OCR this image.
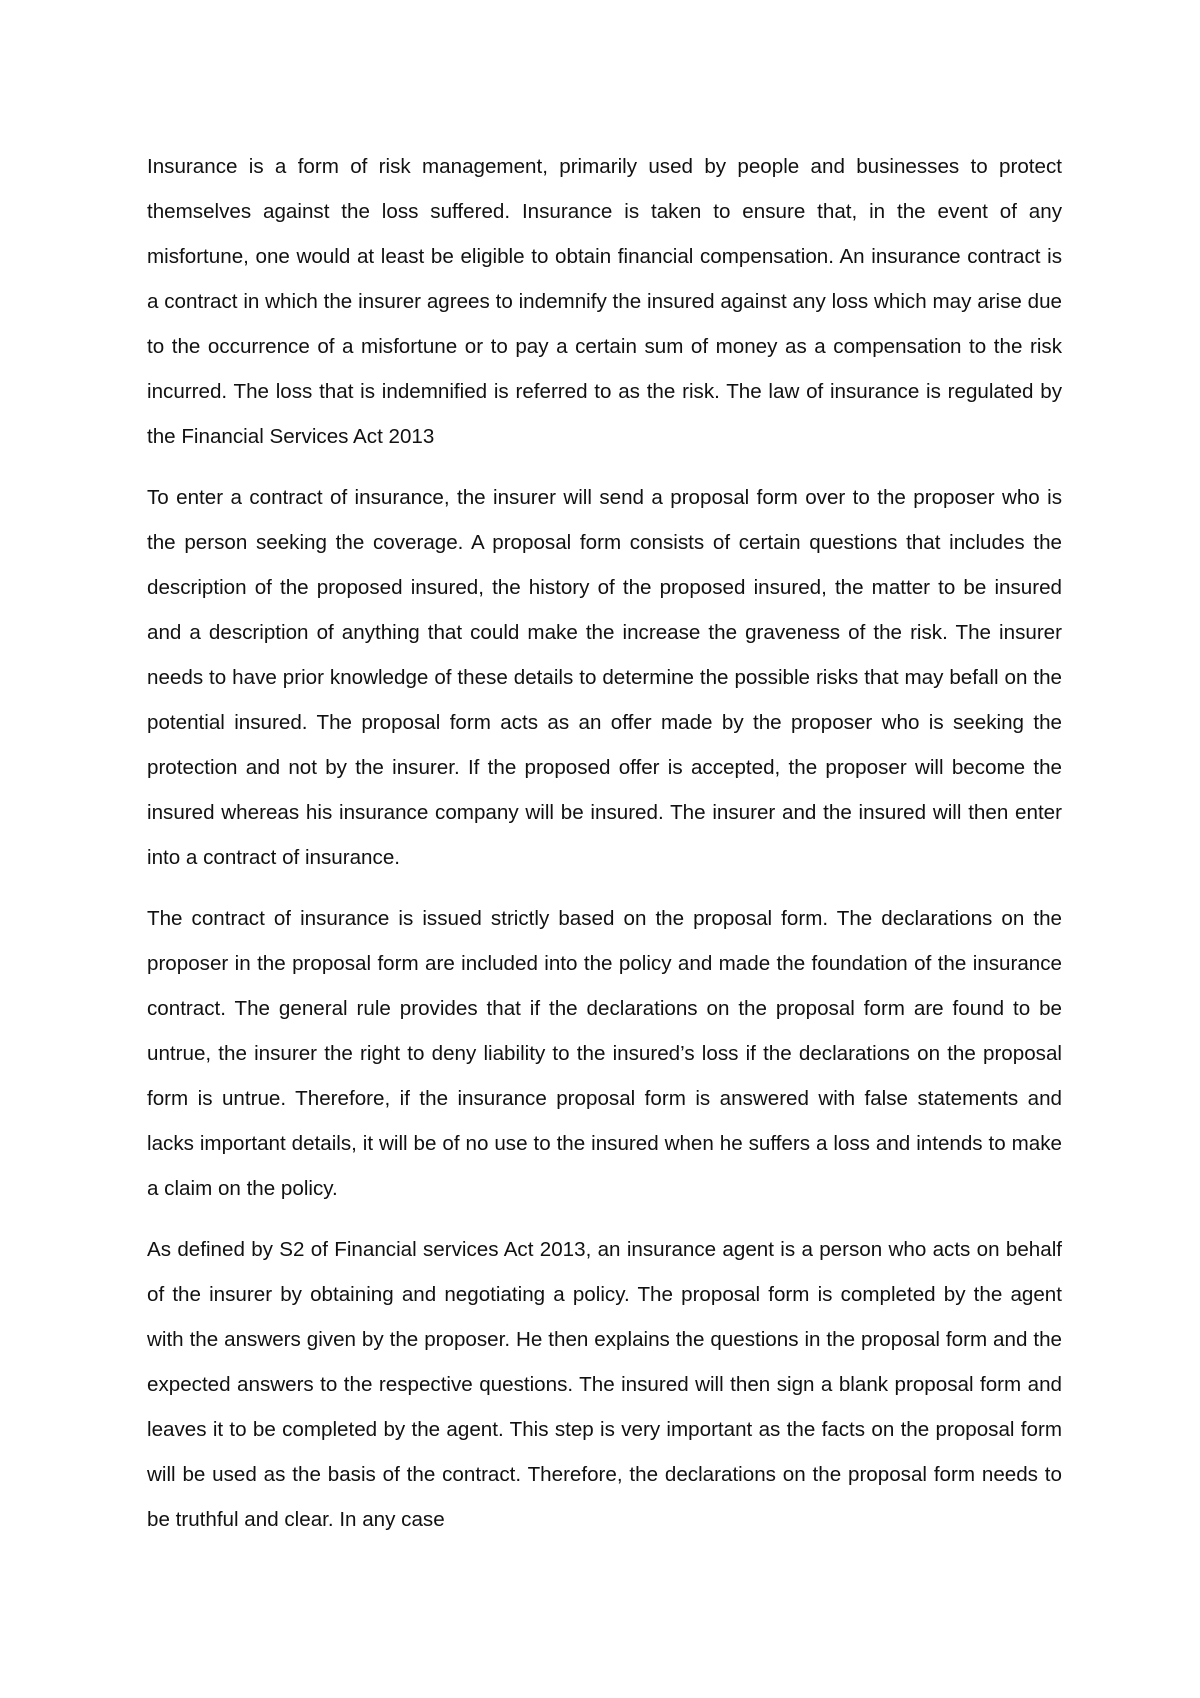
Insurance is a form of risk management, primarily used by people and businesses to protect themselves against the loss suffered. Insurance is taken to ensure that, in the event of any misfortune, one would at least be eligible to obtain financial compensation. An insurance contract is a contract in which the insurer agrees to indemnify the insured against any loss which may arise due to the occurrence of a misfortune or to pay a certain sum of money as a compensation to the risk incurred. The loss that is indemnified is referred to as the risk. The law of insurance is regulated by the Financial Services Act 2013

To enter a contract of insurance, the insurer will send a proposal form over to the proposer who is the person seeking the coverage. A proposal form consists of certain questions that includes the description of the proposed insured, the history of the proposed insured, the matter to be insured and a description of anything that could make the increase the graveness of the risk. The insurer needs to have prior knowledge of these details to determine the possible risks that may befall on the potential insured. The proposal form acts as an offer made by the proposer who is seeking the protection and not by the insurer. If the proposed offer is accepted, the proposer will become the insured whereas his insurance company will be insured. The insurer and the insured will then enter into a contract of insurance.

The contract of insurance is issued strictly based on the proposal form. The declarations on the proposer in the proposal form are included into the policy and made the foundation of the insurance contract. The general rule provides that if the declarations on the proposal form are found to be untrue, the insurer the right to deny liability to the insured’s loss if the declarations on the proposal form is untrue. Therefore, if the insurance proposal form is answered with false statements and lacks important details, it will be of no use to the insured when he suffers a loss and intends to make a claim on the policy.

As defined by S2 of Financial services Act 2013, an insurance agent is a person who acts on behalf of the insurer by obtaining and negotiating a policy. The proposal form is completed by the agent with the answers given by the proposer. He then explains the questions in the proposal form and the expected answers to the respective questions. The insured will then sign a blank proposal form and leaves it to be completed by the agent. This step is very important as the facts on the proposal form will be used as the basis of the contract. Therefore, the declarations on the proposal form needs to be truthful and clear. In any case
